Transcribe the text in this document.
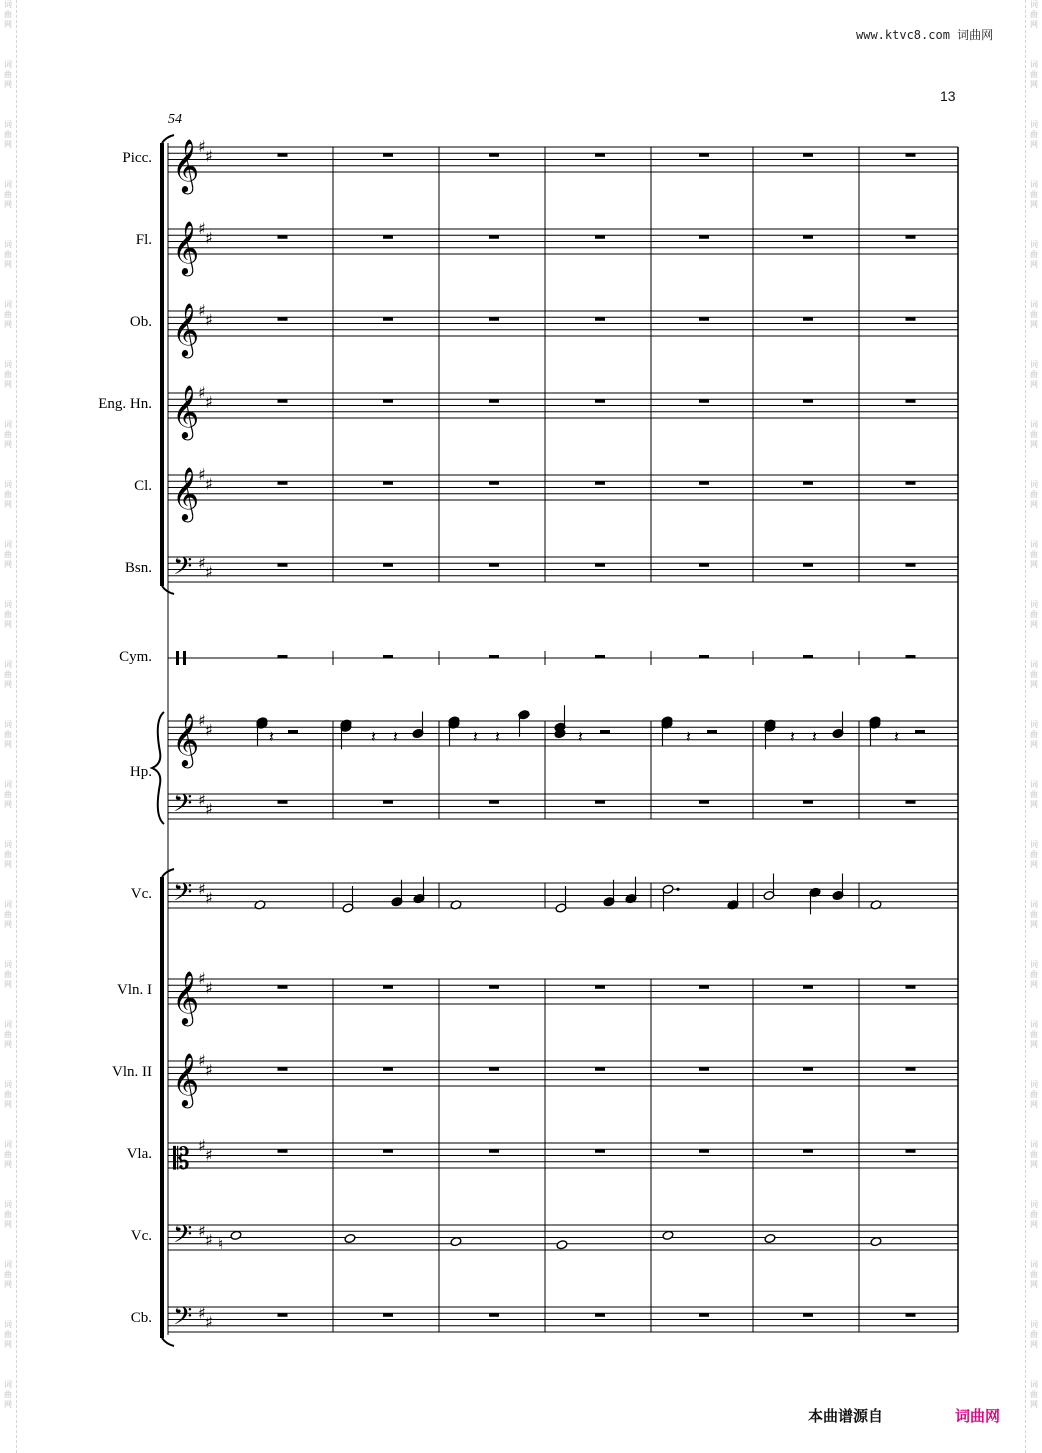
词
曲
网
词
曲
网
词
曲
网
词
曲
网
词
曲
网
词
曲
网
词
曲
网
词
曲
网
词
曲
网
词
曲
网
词
曲
网
词
曲
网
词
曲
网
词
曲
网
词
曲
网
词
曲
网
词
曲
网
词
曲
网
词
曲
网
词
曲
网
词
曲
网
词
曲
网
词
曲
网
词
曲
网
词
曲
网
词
曲
网
词
曲
网
词
曲
网
词
曲
网
词
曲
网
词
曲
网
词
曲
网
词
曲
网
词
曲
网
词
曲
网
词
曲
网
词
曲
网
词
曲
网
词
曲
网
词
曲
网
词
曲
网
词
曲
网
词
曲
网
词
曲
网
词
曲
网
词
曲
网
词
曲
网
词
曲
网
www.ktvc8.com 词曲网
13
54
Picc.
Fl.
Ob.
Eng. Hn.
Cl.
Bsn.
Cym.
Hp.
Vc.
Vln. I
Vln. II
Vla.
Vc.
Cb.
𝄞
♯ ♯
𝄞
♯ ♯
𝄞
♯ ♯
𝄞
♯ ♯
𝄞
♯ ♯
𝄢 ♯ ♯
𝄞
♯ ♯
𝄢 ♯ ♯
𝄢 ♯ ♯
𝄞
♯ ♯
𝄞
♯ ♯
𝄡 ♯ ♯
𝄢 ♯ ♯
𝄢 ♯ ♯
𝄽	𝄽 𝄽	𝄽 𝄽	𝄽	𝄽	𝄽 𝄽	𝄽
♮
本曲谱源自	词曲网
